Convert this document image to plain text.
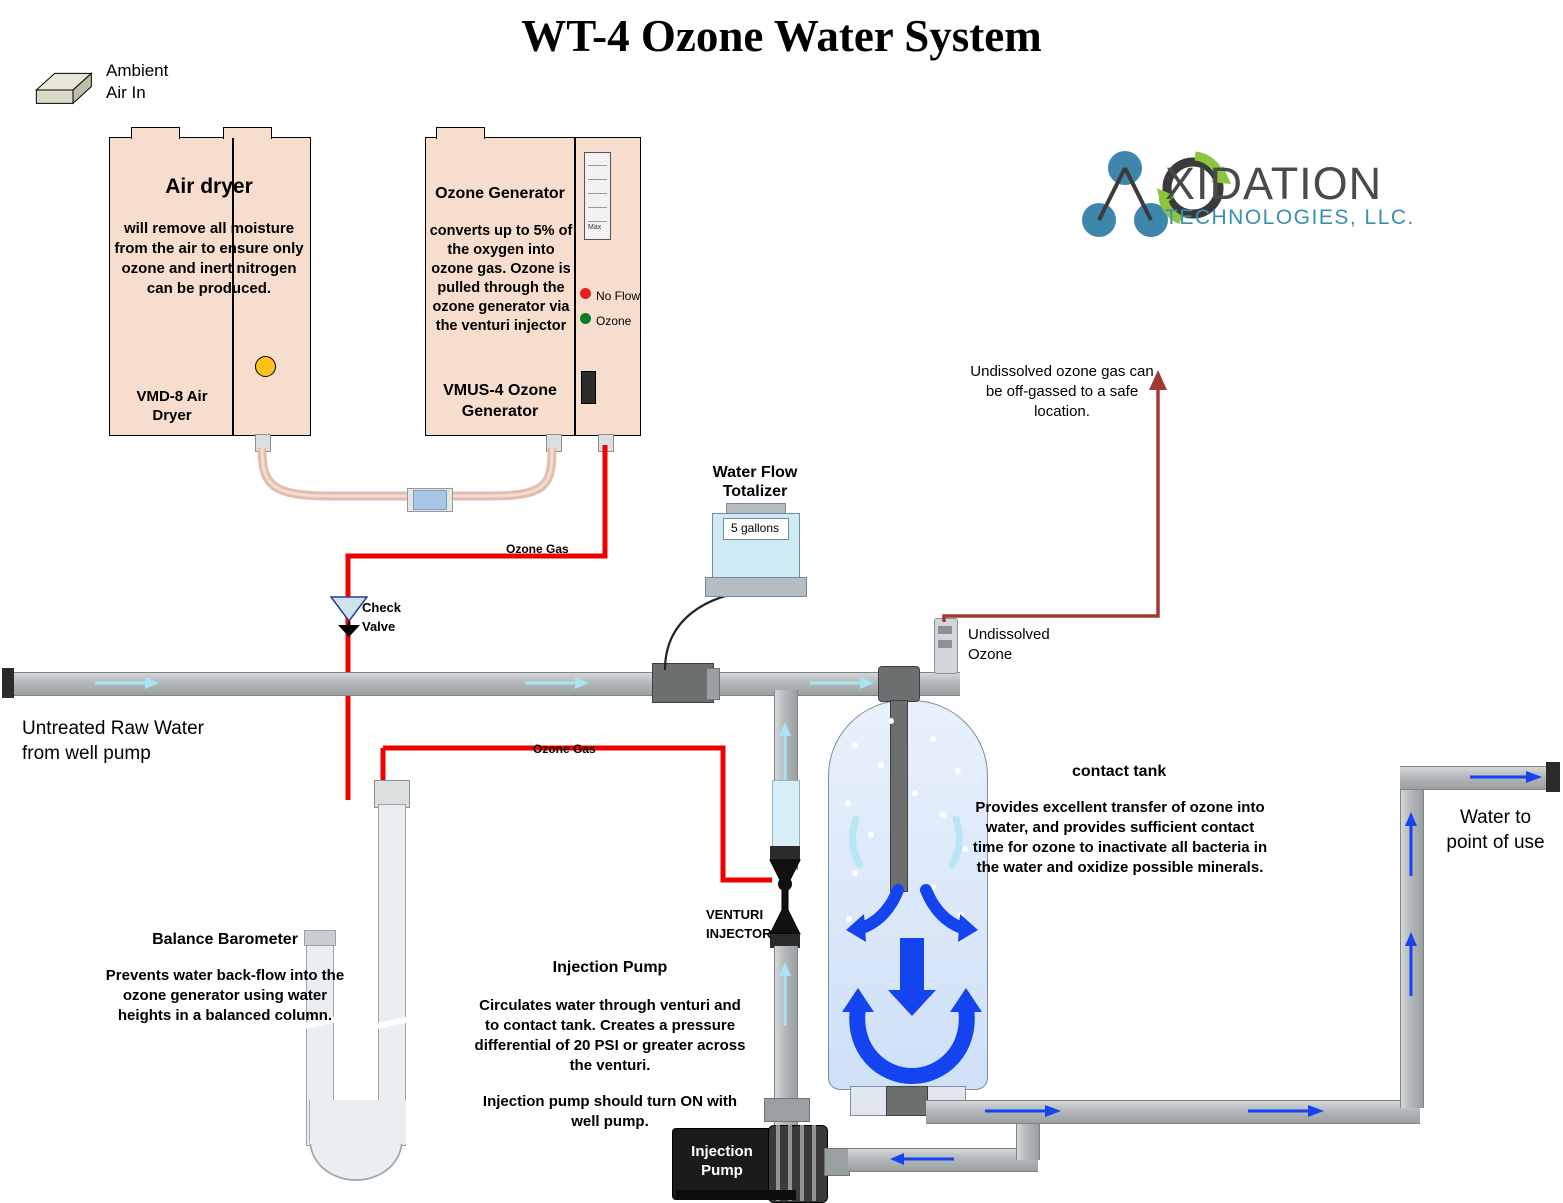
WT-4 Ozone Water System
Ambient
Air In
Air dryer
will remove all moisture from the air to ensure only ozone and inert nitrogen can be produced.
VMD-8 Air
Dryer
Max
No Flow
Ozone
Ozone Generator
converts up to 5% of the oxygen into ozone gas. Ozone is pulled through the ozone generator via the venturi injector
VMUS-4 Ozone
Generator
Ozone Gas
Ozone Gas
Check
Valve
Untreated Raw Water
from well pump
5 gallons
Water Flow
Totalizer
VENTURI
INJECTOR
Injection
Pump
contact tank
Provides excellent transfer of ozone into water, and provides sufficient contact time for ozone to inactivate all bacteria in the water and oxidize possible minerals.
Undissolved ozone gas can be off-gassed to a safe location.
Undissolved
Ozone
Balance Barometer
Prevents water back-flow into the ozone generator using water heights in a balanced column.
Injection Pump
Circulates water through venturi and to contact tank. Creates a pressure differential of 20 PSI or greater across the venturi.
Injection pump should turn ON with well pump.
Water to
point of use
XIDATION
TECHNOLOGIES, LLC.
